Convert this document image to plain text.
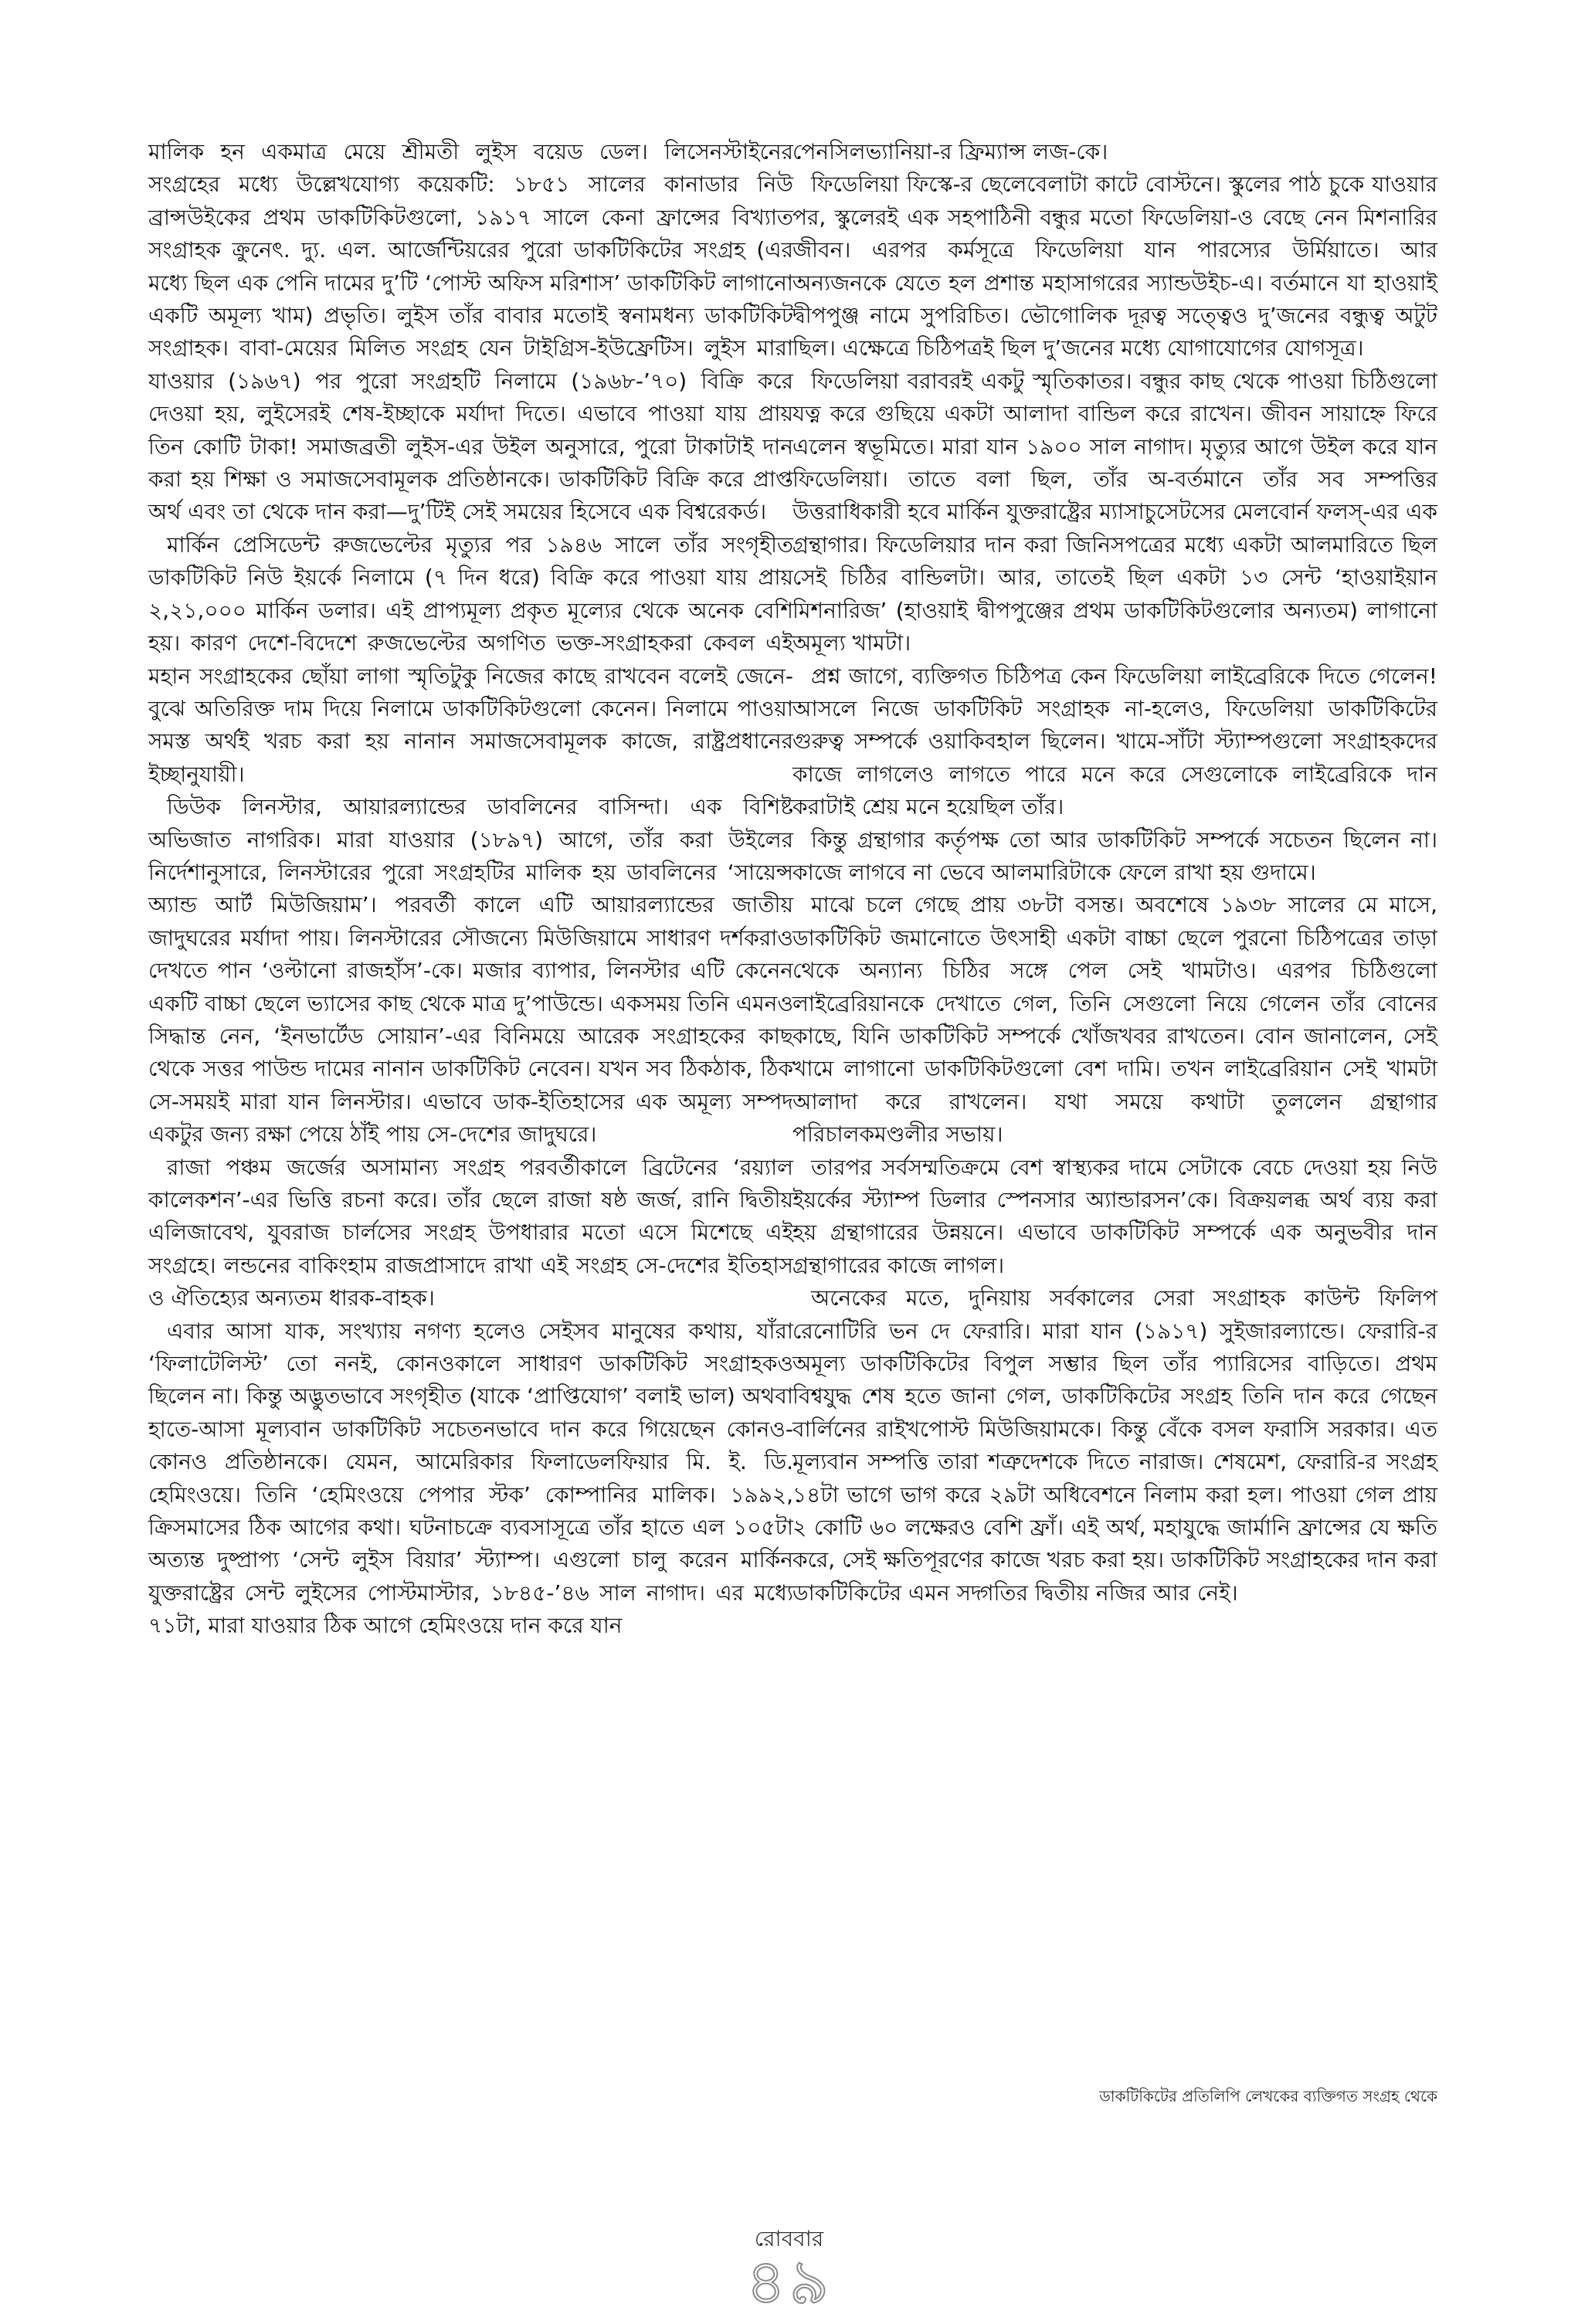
মালিক হন একমাত্র মেয়ে শ্রীমতী লুইস বয়েড ডেল। লিসেনস্টাইনের সংগ্রহের মধ্যে উল্লেখযোগ্য কয়েকটি: ১৮৫১ সালের কানাডার নিউ ব্রান্সউইকের প্রথম ডাকটিকিটগুলো, ১৯১৭ সালে কেনা ফ্রান্সের বিখ্যাত সংগ্রাহক ক্রুনেৎ. দ্যু. এল. আর্জেন্টিয়রের পুরো ডাকটিকিটের সংগ্রহ (এর মধ্যে ছিল এক পেনি দামের দু’টি ‘পোস্ট অফিস মরিশাস’ ডাকটিকিট লাগানো একটি অমূল্য খাম) প্রভৃতি। লুইস তাঁর বাবার মতোই স্বনামধন্য ডাকটিকিট সংগ্রাহক। বাবা-মেয়ের মিলিত সংগ্রহ যেন টাইগ্রিস-ইউফ্রেটিস। লুইস মারা যাওয়ার (১৯৬৭) পর পুরো সংগ্রহটি নিলামে (১৯৬৮-’৭০) বিক্রি করে দেওয়া হয়, লুইসেরই শেষ-ইচ্ছাকে মর্যাদা দিতে। এভাবে পাওয়া যায় প্রায় তিন কোটি টাকা! সমাজব্রতী লুইস-এর উইল অনুসারে, পুরো টাকাটাই দান করা হয় শিক্ষা ও সমাজসেবামূলক প্রতিষ্ঠানকে। ডাকটিকিট বিক্রি করে প্রাপ্ত অর্থ এবং তা থেকে দান করা—দু’টিই সেই সময়ের হিসেবে এক বিশ্বরেকর্ড।

মার্কিন প্রেসিডেন্ট রুজভেল্টের মৃত্যুর পর ১৯৪৬ সালে তাঁর সংগৃহীত ডাকটিকিট নিউ ইয়র্কে নিলামে (৭ দিন ধরে) বিক্রি করে পাওয়া যায় প্রায় ২,২১,০০০ মার্কিন ডলার। এই প্রাপ্যমূল্য প্রকৃত মূল্যের থেকে অনেক বেশি হয়। কারণ দেশে-বিদেশে রুজভেল্টের অগণিত ভক্ত-সংগ্রাহকরা কেবল এই মহান সংগ্রাহকের ছোঁয়া লাগা স্মৃতিটুকু নিজের কাছে রাখবেন বলেই জেনে-বুঝে অতিরিক্ত দাম দিয়ে নিলামে ডাকটিকিটগুলো কেনেন। নিলামে পাওয়া সমস্ত অর্থই খরচ করা হয় নানান সমাজসেবামূলক কাজে, রাষ্ট্রপ্রধানের ইচ্ছানুযায়ী।

ডিউক লিনস্টার, আয়ারল্যান্ডের ডাবলিনের বাসিন্দা। এক বিশিষ্ট অভিজাত নাগরিক। মারা যাওয়ার (১৮৯৭) আগে, তাঁর করা উইলের নির্দেশানুসারে, লিনস্টারের পুরো সংগ্রহটির মালিক হয় ডাবলিনের ‘সায়েন্স অ্যান্ড আর্ট মিউজিয়াম’। পরবর্তী কালে এটি আয়ারল্যান্ডের জাতীয় জাদুঘরের মর্যাদা পায়। লিনস্টারের সৌজন্যে মিউজিয়ামে সাধারণ দর্শকরাও দেখতে পান ‘ওল্টানো রাজহাঁস’-কে। মজার ব্যাপার, লিনস্টার এটি কেনেন একটি বাচ্চা ছেলে ভ্যাসের কাছ থেকে মাত্র দু’পাউন্ডে। একসময় তিনি এমনও সিদ্ধান্ত নেন, ‘ইনভার্টেড সোয়ান’-এর বিনিময়ে আরেক সংগ্রাহকের কাছ থেকে সত্তর পাউন্ড দামের নানান ডাকটিকিট নেবেন। যখন সব ঠিকঠাক, ঠিক সে-সময়ই মারা যান লিনস্টার। এভাবে ডাক-ইতিহাসের এক অমূল্য সম্পদ একটুর জন্য রক্ষা পেয়ে ঠাঁই পায় সে-দেশের জাদুঘরে।

রাজা পঞ্চম জর্জের অসামান্য সংগ্রহ পরবর্তীকালে ব্রিটেনের ‘রয়্যাল কালেকশন’-এর ভিত্তি রচনা করে। তাঁর ছেলে রাজা ষষ্ঠ জর্জ, রানি দ্বিতীয় এলিজাবেথ, যুবরাজ চার্লসের সংগ্রহ উপধারার মতো এসে মিশেছে এই সংগ্রহে। লন্ডনের বাকিংহাম রাজপ্রাসাদে রাখা এই সংগ্রহ সে-দেশের ইতিহাস ও ঐতিহ্যের অন্যতম ধারক-বাহক।

এবার আসা যাক, সংখ্যায় নগণ্য হলেও সেইসব মানুষের কথায়, যাঁরা ‘ফিলাটেলিস্ট’ তো ননই, কোনওকালে সাধারণ ডাকটিকিট সংগ্রাহকও ছিলেন না। কিন্তু অদ্ভুতভাবে সংগৃহীত (যাকে ‘প্রাপ্তিযোগ’ বলাই ভাল) অথবা হাতে-আসা মূল্যবান ডাকটিকিট সচেতনভাবে দান করে গিয়েছেন কোনও-কোনও প্রতিষ্ঠানকে। যেমন, আমেরিকার ফিলাডেলফিয়ার মি. ই. ডি. হেমিংওয়ে। তিনি ‘হেমিংওয়ে পেপার স্টক’ কোম্পানির মালিক। ১৯৯২, ক্রিসমাসের ঠিক আগের কথা। ঘটনাচক্রে ব্যবসাসূত্রে তাঁর হাতে এল ১০৫টা অত্যন্ত দুষ্প্রাপ্য ‘সেন্ট লুইস বিয়ার’ স্ট্যাম্প। এগুলো চালু করেন মার্কিন যুক্তরাষ্ট্রের সেন্ট লুইসের পোস্টমাস্টার, ১৮৪৫-’৪৬ সাল নাগাদ। এর মধ্যে ৭১টা, মারা যাওয়ার ঠিক আগে হেমিংওয়ে দান করে যান

পেনসিলভ্যানিয়া-র ফ্রিম্যান্স লজ-কে।

ফিডেলিয়া ফিস্কে-র ছেলেবেলাটা কাটে বোস্টনে। স্কুলের পাঠ চুকে যাওয়ার পর, স্কুলেরই এক সহপাঠিনী বন্ধুর মতো ফিডেলিয়া-ও বেছে নেন মিশনারির জীবন। এরপর কর্মসূত্রে ফিডেলিয়া যান পারস্যের উর্মিয়াতে। আর অন্যজনকে যেতে হল প্রশান্ত মহাসাগরের স্যান্ডউইচ-এ। বর্তমানে যা হাওয়াই দ্বীপপুঞ্জ নামে সুপরিচিত। ভৌগোলিক দূরত্ব সত্ত্বেও দু’জনের বন্ধুত্ব অটুট ছিল। এক্ষেত্রে চিঠিপত্রই ছিল দু’জনের মধ্যে যোগাযোগের যোগসূত্র।

ফিডেলিয়া বরাবরই একটু স্মৃতিকাতর। বন্ধুর কাছ থেকে পাওয়া চিঠিগুলো যত্ন করে গুছিয়ে একটা আলাদা বান্ডিল করে রাখেন। জীবন সায়াহ্নে ফিরে এলেন স্বভূমিতে। মারা যান ১৯০০ সাল নাগাদ। মৃত্যুর আগে উইল করে যান ফিডেলিয়া। তাতে বলা ছিল, তাঁর অ-বর্তমানে তাঁর সব সম্পত্তির উত্তরাধিকারী হবে মার্কিন যুক্তরাষ্ট্রের ম্যাসাচুসেটসের মেলবোর্ন ফলস্-এর এক গ্রন্থাগার। ফিডেলিয়ার দান করা জিনিসপত্রের মধ্যে একটা আলমারিতে ছিল সেই চিঠির বান্ডিলটা। আর, তাতেই ছিল একটা ১৩ সেন্ট ‘হাওয়াইয়ান মিশনারিজ’ (হাওয়াই দ্বীপপুঞ্জের প্রথম ডাকটিকিটগুলোর অন্যতম) লাগানো অমূল্য খামটা।

প্রশ্ন জাগে, ব্যক্তিগত চিঠিপত্র কেন ফিডেলিয়া লাইব্রেরিকে দিতে গেলেন! আসলে নিজে ডাকটিকিট সংগ্রাহক না-হলেও, ফিডেলিয়া ডাকটিকিটের গুরুত্ব সম্পর্কে ওয়াকিবহাল ছিলেন। খামে-সাঁটা স্ট্যাম্পগুলো সংগ্রাহকদের কাজে লাগলেও লাগতে পারে মনে করে সেগুলোকে লাইব্রেরিকে দান করাটাই শ্রেয় মনে হয়েছিল তাঁর।

কিন্তু গ্রন্থাগার কর্তৃপক্ষ তো আর ডাকটিকিট সম্পর্কে সচেতন ছিলেন না। কাজে লাগবে না ভেবে আলমারিটাকে ফেলে রাখা হয় গুদামে।

মাঝে চলে গেছে প্রায় ৩৮টা বসন্ত। অবশেষে ১৯৩৮ সালের মে মাসে, ডাকটিকিট জমানোতে উৎসাহী একটা বাচ্চা ছেলে পুরনো চিঠিপত্রের তাড়া থেকে অন্যান্য চিঠির সঙ্গে পেল সেই খামটাও। এরপর চিঠিগুলো লাইব্রেরিয়ানকে দেখাতে গেল, তিনি সেগুলো নিয়ে গেলেন তাঁর বোনের কাছে, যিনি ডাকটিকিট সম্পর্কে খোঁজখবর রাখতেন। বোন জানালেন, সেই খামে লাগানো ডাকটিকিটগুলো বেশ দামি। তখন লাইব্রেরিয়ান সেই খামটা আলাদা করে রাখলেন। যথা সময়ে কথাটা তুললেন গ্রন্থাগার পরিচালকমণ্ডলীর সভায়।

তারপর সর্বসম্মতিক্রমে বেশ স্বাস্থ্যকর দামে সেটাকে বেচে দেওয়া হয় নিউ ইয়র্কের স্ট্যাম্প ডিলার স্পেনসার অ্যান্ডারসন’কে। বিক্রয়লব্ধ অর্থ ব্যয় করা হয় গ্রন্থাগারের উন্নয়নে। এভাবে ডাকটিকিট সম্পর্কে এক অনুভবীর দান গ্রন্থাগারের কাজে লাগল।

অনেকের মতে, দুনিয়ায় সর্বকালের সেরা সংগ্রাহক কাউন্ট ফিলিপ রেনোটিরি ভন দে ফেরারি। মারা যান (১৯১৭) সুইজারল্যান্ডে। ফেরারি-র অমূল্য ডাকটিকিটের বিপুল সম্ভার ছিল তাঁর প্যারিসের বাড়িতে। প্রথম বিশ্বযুদ্ধ শেষ হতে জানা গেল, ডাকটিকিটের সংগ্রহ তিনি দান করে গেছেন বার্লিনের রাইখপোস্ট মিউজিয়ামকে। কিন্তু বেঁকে বসল ফরাসি সরকার। এত মূল্যবান সম্পত্তি তারা শত্রুদেশকে দিতে নারাজ। শেষমেশ, ফেরারি-র সংগ্রহ ১৪টা ভাগে ভাগ করে ২৯টা অধিবেশনে নিলাম করা হল। পাওয়া গেল প্রায় ২ কোটি ৬০ লক্ষেরও বেশি ফ্রাঁ। এই অর্থ, মহাযুদ্ধে জার্মানি ফ্রান্সের যে ক্ষতি করে, সেই ক্ষতিপূরণের কাজে খরচ করা হয়। ডাকটিকিট সংগ্রাহকের দান করা ডাকটিকিটের এমন সদ্গতির দ্বিতীয় নজির আর নেই।

ডাকটিকিটের প্রতিলিপি লেখকের ব্যক্তিগত সংগ্রহ থেকে
রোববার
৪৯
